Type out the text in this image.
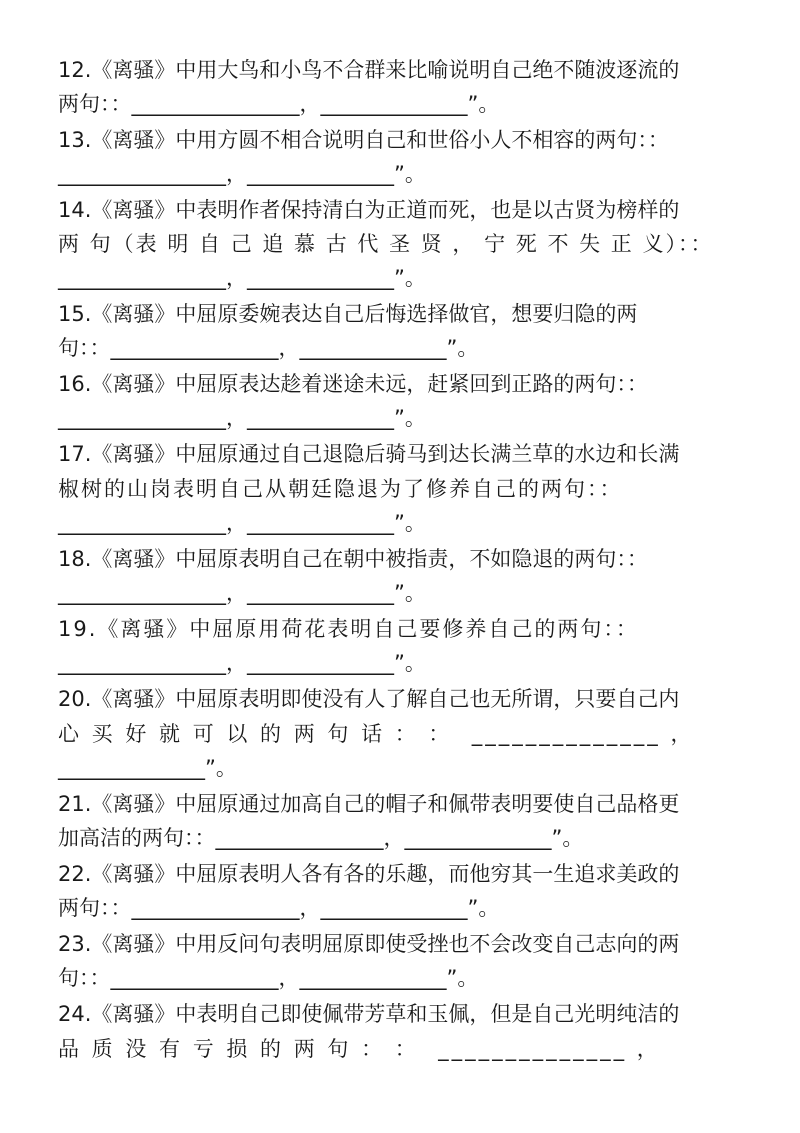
12.《离骚》中用大鸟和小鸟不合群来比喻说明自己绝不随波逐流的
两句：：________________，______________”。
13.《离骚》中用方圆不相合说明自己和世俗小人不相容的两句：：
________________，______________”。
14.《离骚》中表明作者保持清白为正道而死，也是以古贤为榜样的
两 句（表 明 自 己 追 慕 古 代 圣 贤 ， 宁 死 不 失 正 义）：：
________________，______________”。
15.《离骚》中屈原委婉表达自己后悔选择做官，想要归隐的两
句：：________________，______________”。
16.《离骚》中屈原表达趁着迷途未远，赶紧回到正路的两句：：
________________，______________”。
17.《离骚》中屈原通过自己退隐后骑马到达长满兰草的水边和长满
椒树的山岗表明自己从朝廷隐退为了修养自己的两句：：
________________，______________”。
18.《离骚》中屈原表明自己在朝中被指责，不如隐退的两句：：
________________，______________”。
19.《离骚》中屈原用荷花表明自己要修养自己的两句：：
________________，______________”。
20.《离骚》中屈原表明即使没有人了解自己也无所谓，只要自己内
心 买 好 就 可 以 的 两 句 话 ： ：  ______________ ，
______________”。
21.《离骚》中屈原通过加高自己的帽子和佩带表明要使自己品格更
加高洁的两句：：________________，______________”。
22.《离骚》中屈原表明人各有各的乐趣，而他穷其一生追求美政的
两句：：________________，______________”。
23.《离骚》中用反问句表明屈原即使受挫也不会改变自己志向的两
句：：________________，______________”。
24.《离骚》中表明自己即使佩带芳草和玉佩，但是自己光明纯洁的
品 质 没 有 亏 损 的 两 句 ： ：  ______________ ，
